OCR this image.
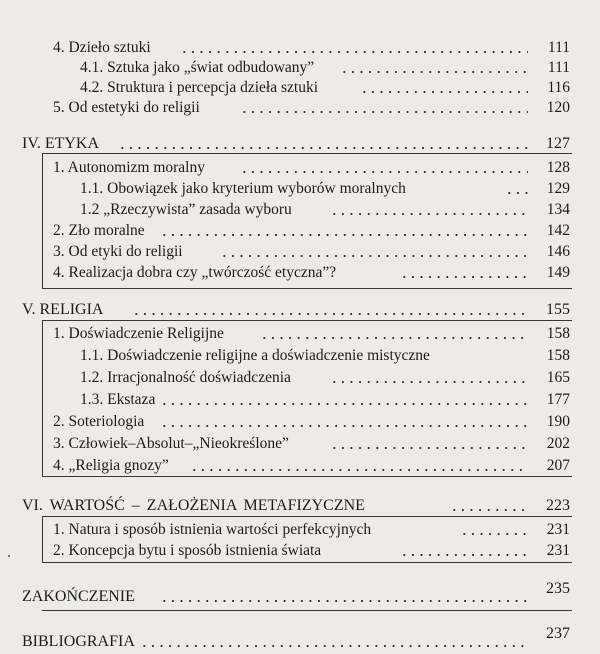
4. Dzieło sztuki	111
4.1. Sztuka jako „świat odbudowany”	111
4.2. Struktura i percepcja dzieła sztuki	116
5. Od estetyki do religii	120
IV. ETYKA	127
1. Autonomizm moralny	128
1.1. Obowiązek jako kryterium wyborów moralnych	129
1.2 „Rzeczywista” zasada wyboru	134
2. Zło moralne	142
3. Od etyki do religii	146
4. Realizacja dobra czy „twórczość etyczna”?	149
V. RELIGIA	155
1. Doświadczenie Religijne	158
1.1. Doświadczenie religijne a doświadczenie mistyczne	158
1.2. Irracjonalność doświadczenia	165
1.3. Ekstaza	177
2. Soteriologia	190
3. Człowiek–Absolut–„Nieokreślone”	202
4. „Religia gnozy”	207
VI. WARTOŚĆ – ZAŁOŻENIA METAFIZYCZNE	223
1. Natura i sposób istnienia wartości perfekcyjnych	231
2. Koncepcja bytu i sposób istnienia świata	231
ZAKOŃCZENIE	235
BIBLIOGRAFIA	237
